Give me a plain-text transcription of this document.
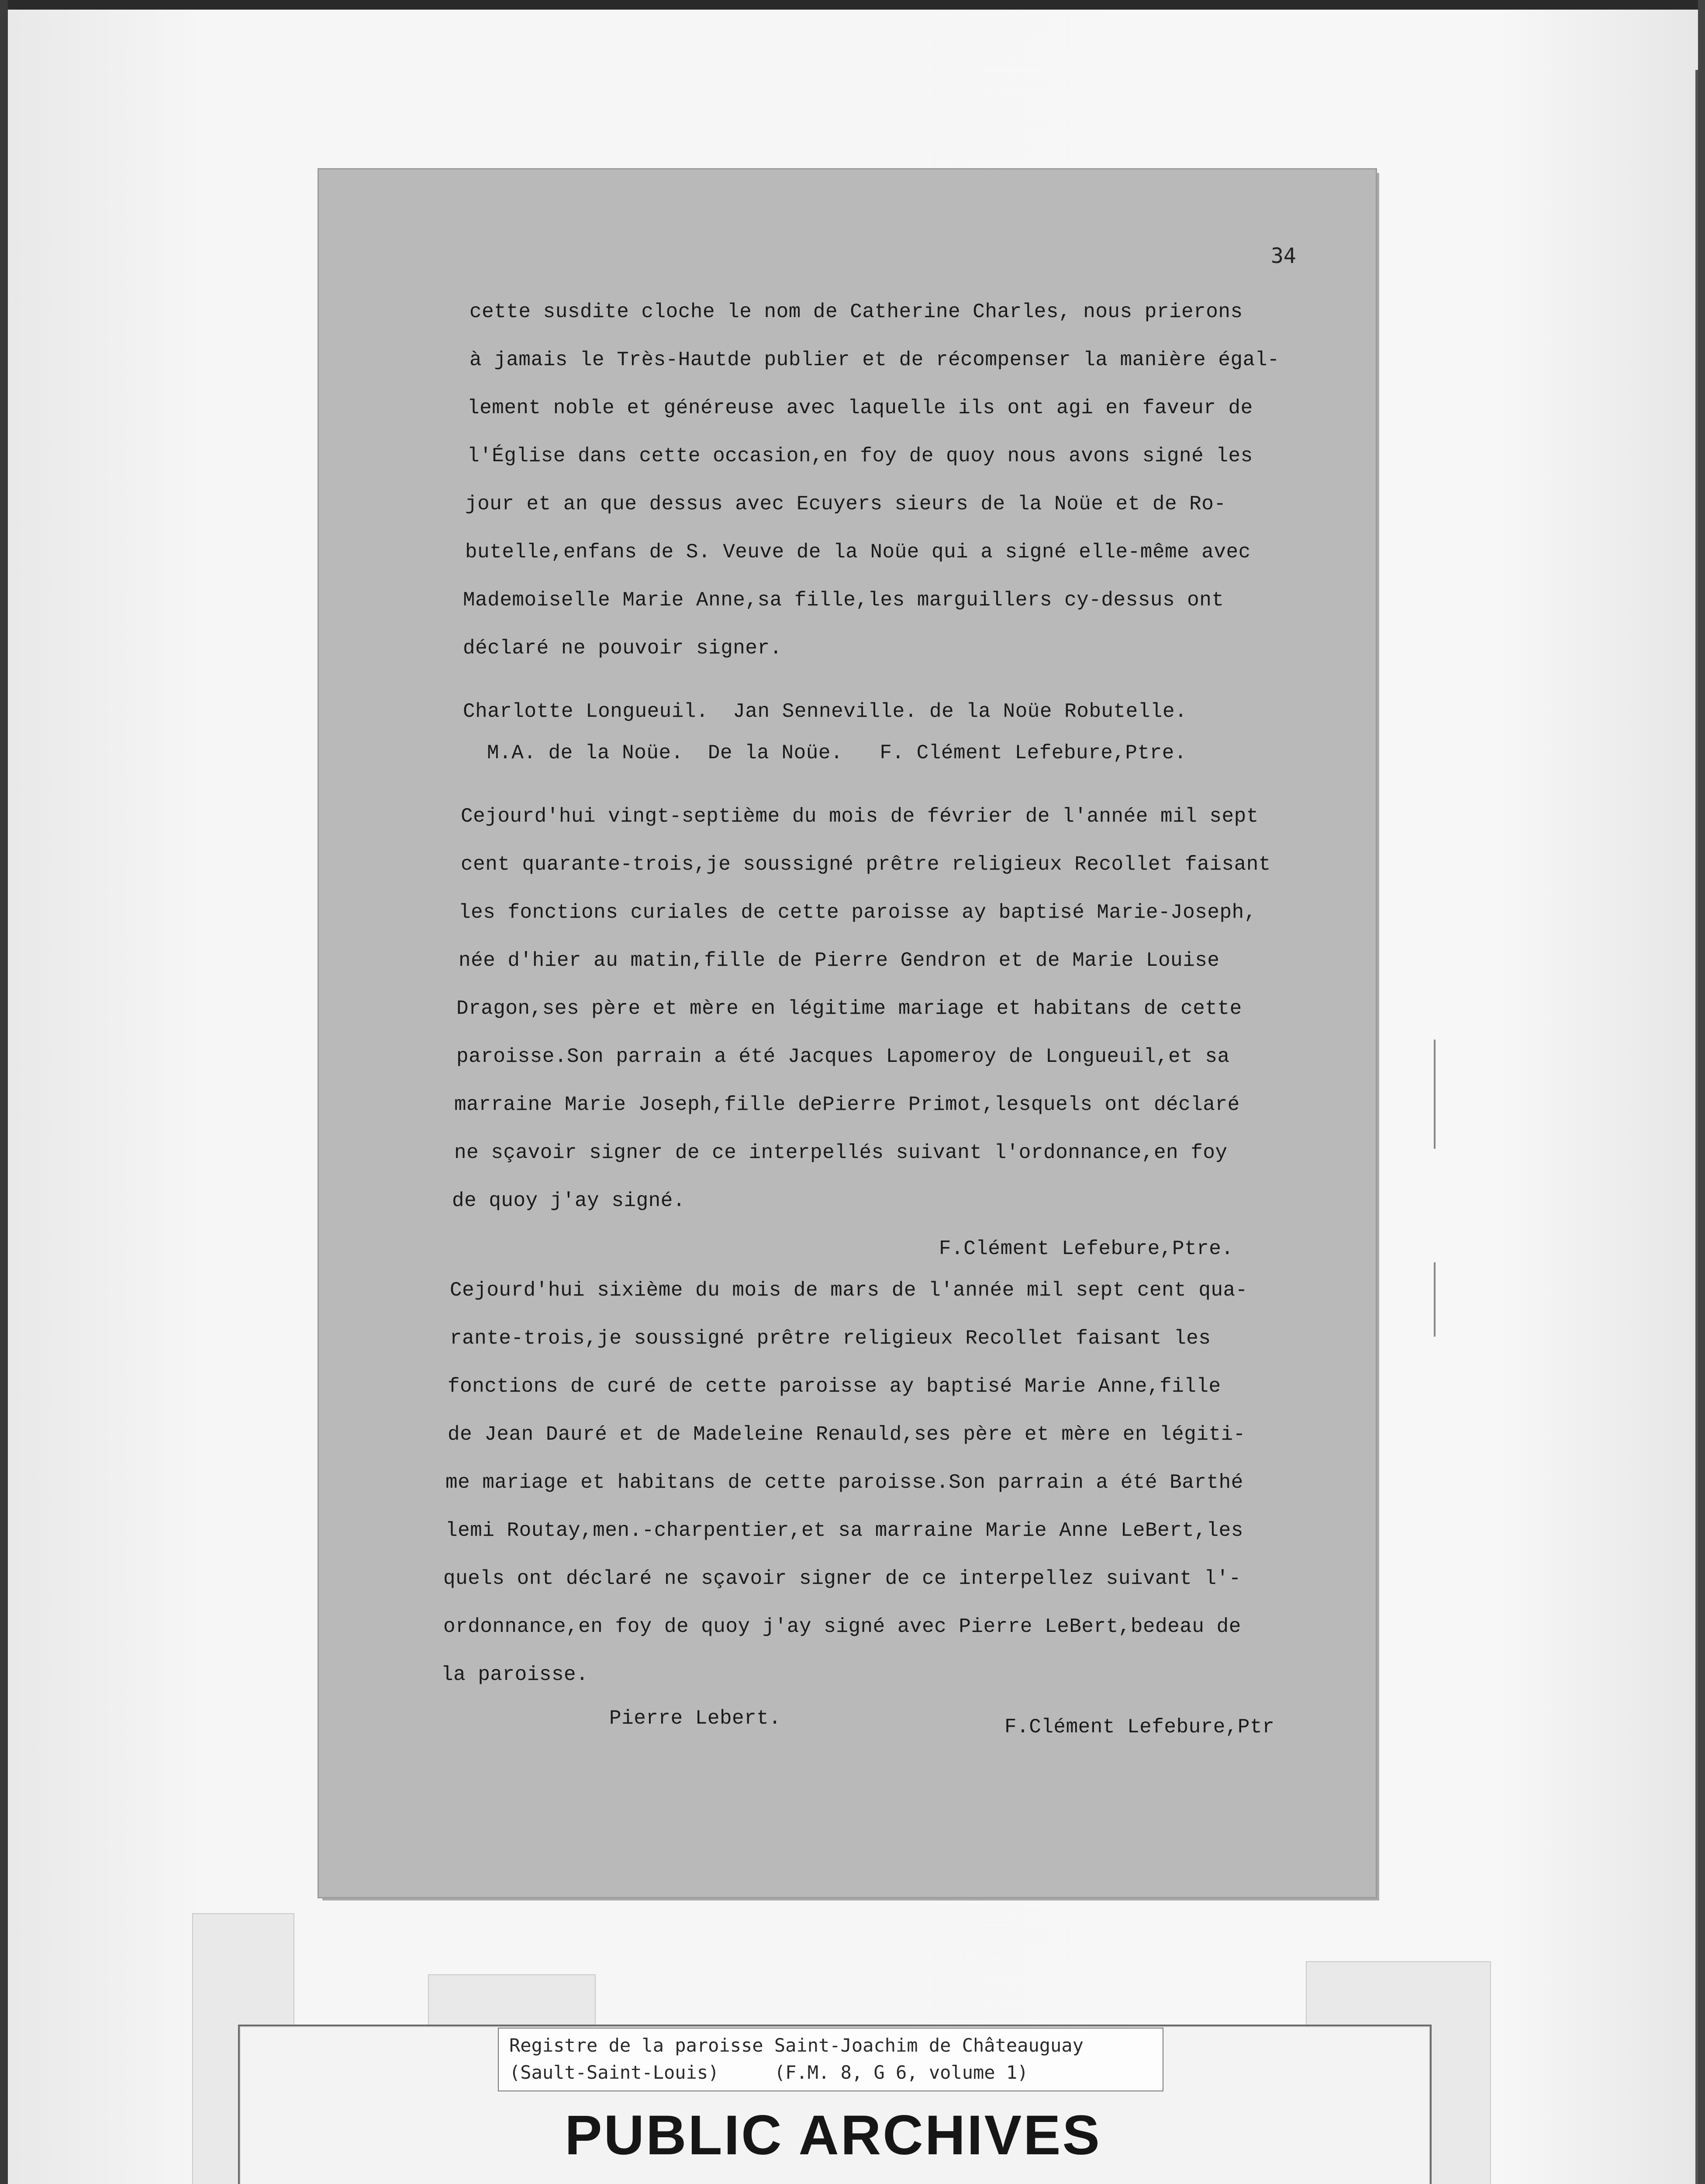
34
cette susdite cloche le nom de Catherine Charles, nous prierons
à jamais le Très-Hautde publier et de récompenser la manière égal-
lement noble et généreuse avec laquelle ils ont agi en faveur de
l'Église dans cette occasion,en foy de quoy nous avons signé les
jour et an que dessus avec Ecuyers sieurs de la Noüe et de Ro-
butelle,enfans de S. Veuve de la Noüe qui a signé elle-même avec
Mademoiselle Marie Anne,sa fille,les marguillers cy-dessus ont
déclaré ne pouvoir signer.
Charlotte Longueuil.  Jan Senneville. de la Noüe Robutelle.
M.A. de la Noüe.  De la Noüe.   F. Clément Lefebure,Ptre.
Cejourd'hui vingt-septième du mois de février de l'année mil sept
cent quarante-trois,je soussigné prêtre religieux Recollet faisant
les fonctions curiales de cette paroisse ay baptisé Marie-Joseph,
née d'hier au matin,fille de Pierre Gendron et de Marie Louise
Dragon,ses père et mère en légitime mariage et habitans de cette
paroisse.Son parrain a été Jacques Lapomeroy de Longueuil,et sa
marraine Marie Joseph,fille dePierre Primot,lesquels ont déclaré
ne sçavoir signer de ce interpellés suivant l'ordonnance,en foy
de quoy j'ay signé.
F.Clément Lefebure,Ptre.
Cejourd'hui sixième du mois de mars de l'année mil sept cent qua-
rante-trois,je soussigné prêtre religieux Recollet faisant les
fonctions de curé de cette paroisse ay baptisé Marie Anne,fille
de Jean Dauré et de Madeleine Renauld,ses père et mère en légiti-
me mariage et habitans de cette paroisse.Son parrain a été Barthé
lemi Routay,men.-charpentier,et sa marraine Marie Anne LeBert,les
quels ont déclaré ne sçavoir signer de ce interpellez suivant l'-
ordonnance,en foy de quoy j'ay signé avec Pierre LeBert,bedeau de
la paroisse.
Pierre Lebert.	F.Clément Lefebure,Ptr
Registre de la paroisse Saint-Joachim de Châteauguay
(Sault-Saint-Louis)     (F.M. 8, G 6, volume 1)
PUBLIC ARCHIVES
